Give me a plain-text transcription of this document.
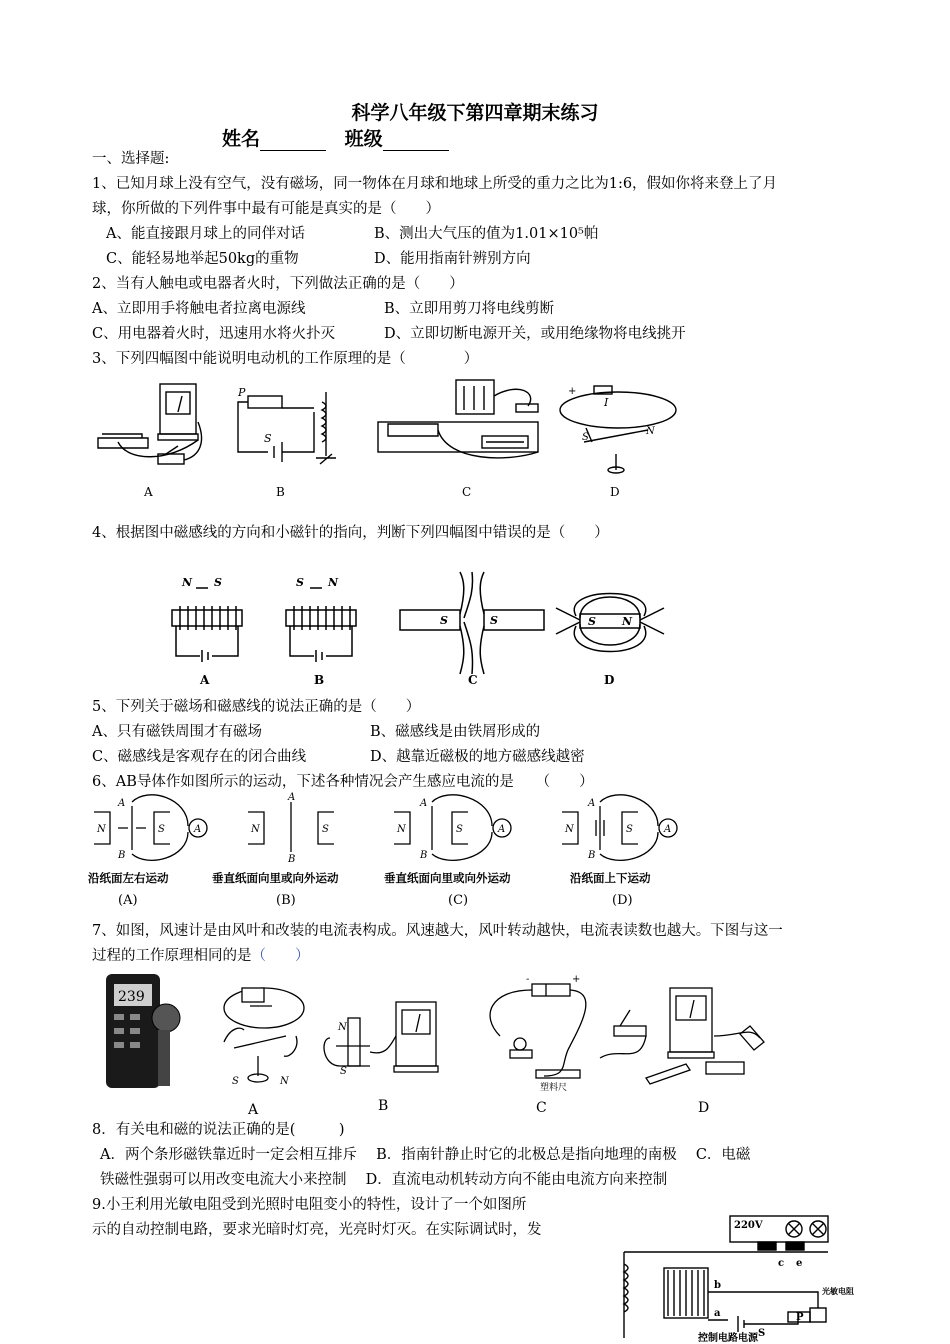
科学八年级下第四章期末练习
姓名	班级
一、选择题:
1、已知月球上没有空气，没有磁场，同一物体在月球和地球上所受的重力之比为1:6，假如你将来登上了月
球，你所做的下列件事中最有可能是真实的是（　　）
A、能直接跟月球上的同伴对话	B、测出大气压的值为1.01×10⁵帕
C、能轻易地举起50kg的重物	D、能用指南针辨别方向
2、当有人触电或电器者火时，下列做法正确的是（　　）
A、立即用手将触电者拉离电源线	B、立即用剪刀将电线剪断
C、用电器着火时，迅速用水将火扑灭	D、立即切断电源开关，或用绝缘物将电线挑开
3、下列四幅图中能说明电动机的工作原理的是（　　　　）
P
S
I
S
N
+
A	B	C	D
4、根据图中磁感线的方向和小磁针的指向，判断下列四幅图中错误的是（　　）
N S	S N
S	S	S N
A	B	C	D
5、下列关于磁场和磁感线的说法正确的是（　　）
A、只有磁铁周围才有磁场	B、磁感线是由铁屑形成的
C、磁感线是客观存在的闭合曲线	D、越靠近磁极的地方磁感线越密
6、AB导体作如图所示的运动，下述各种情况会产生感应电流的是　　（　　）
N	S	A
A
B
N	S
A
B
N	S	A
A
B
N	S	A
A
B
沿纸面左右运动	垂直纸面向里或向外运动	垂直纸面向里或向外运动	沿纸面上下运动
(A)	(B)	(C)	(D)
7、如图，风速计是由风叶和改装的电流表构成。风速越大，风叶转动越快，电流表读数也越大。下图与这一
过程的工作原理相同的是（　　）
239
S	N
N
S
-	+
塑料尺
A	B	C	D
8．有关电和磁的说法正确的是(　　　)
A．两个条形磁铁靠近时一定会相互排斥　 B．指南针静止时它的北极总是指向地理的南极　 C．电磁
铁磁性强弱可以用改变电流大小来控制　 D．直流电动机转动方向不能由电流方向来控制
9.小王利用光敏电阻受到光照时电阻变小的特性，设计了一个如图所
示的自动控制电路，要求光暗时灯亮，光亮时灯灭。在实际调试时，发	220V
c e
b
a
S
P
光敏电阻
控制电路电源
